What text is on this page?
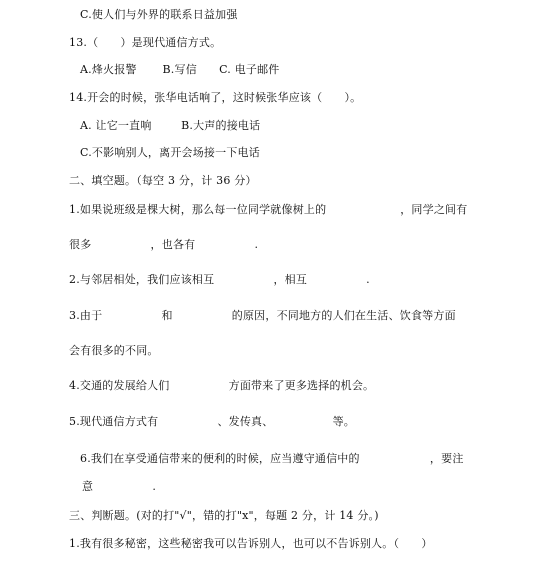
C.使人们与外界的联系日益加强
13.（      ）是现代通信方式。
A.烽火报警       B.写信      C. 电子邮件
14.开会的时候，张华电话响了，这时候张华应该（      ）。
A. 让它一直响        B.大声的接电话
C.不影响别人，离开会场接一下电话
二、填空题。（每空 3 分，计 36 分）
1.如果说班级是棵大树，那么每一位同学就像树上的                    ，同学之间有
很多                ，也各有                .
2.与邻居相处，我们应该相互                ，相互                .
3.由于                和                的原因，不同地方的人们在生活、饮食等方面
会有很多的不同。
4.交通的发展给人们                方面带来了更多选择的机会。
5.现代通信方式有                、发传真、                等。
6.我们在享受通信带来的便利的时候，应当遵守通信中的                   ，要注
意                .
三、判断题。(对的打"√"，错的打"x"，每题 2 分，计 14 分。)
1.我有很多秘密，这些秘密我可以告诉别人，也可以不告诉别人。（      ）
